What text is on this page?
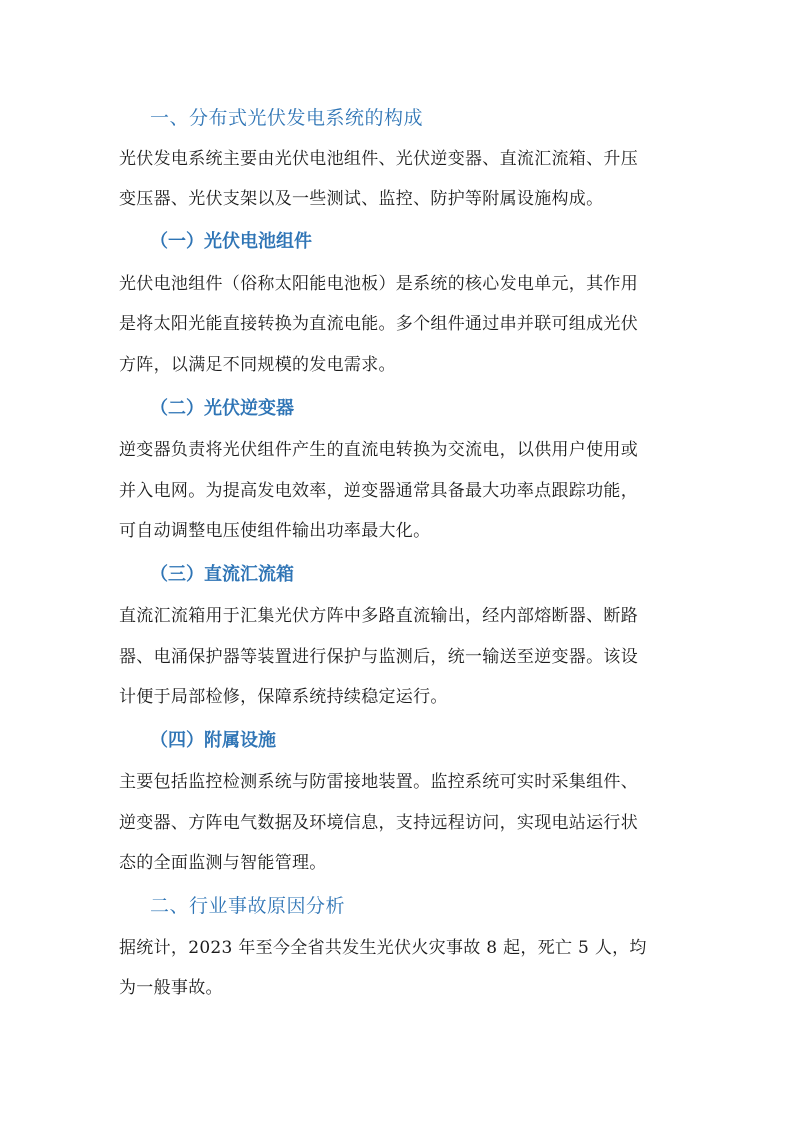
一、分布式光伏发电系统的构成
光伏发电系统主要由光伏电池组件、光伏逆变器、直流汇流箱、升压
变压器、光伏支架以及一些测试、监控、防护等附属设施构成。
（一）光伏电池组件
光伏电池组件（俗称太阳能电池板）是系统的核心发电单元，其作用
是将太阳光能直接转换为直流电能。多个组件通过串并联可组成光伏
方阵，以满足不同规模的发电需求。
（二）光伏逆变器
逆变器负责将光伏组件产生的直流电转换为交流电，以供用户使用或
并入电网。为提高发电效率，逆变器通常具备最大功率点跟踪功能，
可自动调整电压使组件输出功率最大化。
（三）直流汇流箱
直流汇流箱用于汇集光伏方阵中多路直流输出，经内部熔断器、断路
器、电涌保护器等装置进行保护与监测后，统一输送至逆变器。该设
计便于局部检修，保障系统持续稳定运行。
（四）附属设施
主要包括监控检测系统与防雷接地装置。监控系统可实时采集组件、
逆变器、方阵电气数据及环境信息，支持远程访问，实现电站运行状
态的全面监测与智能管理。
二、行业事故原因分析
据统计，2023 年至今全省共发生光伏火灾事故 8 起，死亡 5 人，均
为一般事故。
